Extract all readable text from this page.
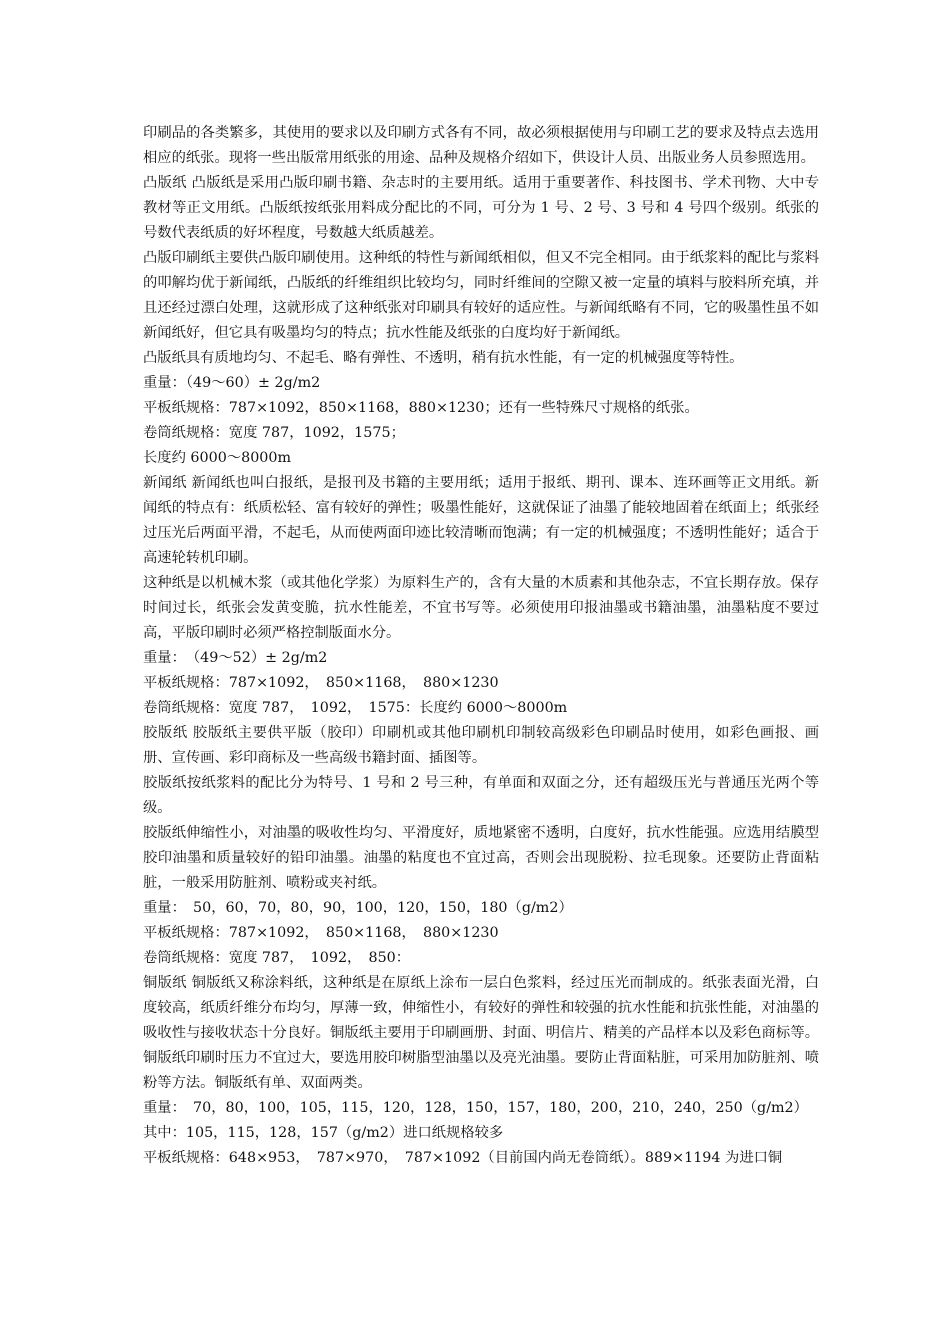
印刷品的各类繁多，其使用的要求以及印刷方式各有不同，故必须根据使用与印刷工艺的要求及特点去选用相应的纸张。现将一些出版常用纸张的用途、品种及规格介绍如下，供设计人员、出版业务人员参照选用。

凸版纸 凸版纸是采用凸版印刷书籍、杂志时的主要用纸。适用于重要著作、科技图书、学术刊物、大中专教材等正文用纸。凸版纸按纸张用料成分配比的不同，可分为 1 号、2 号、3 号和 4 号四个级别。纸张的号数代表纸质的好坏程度，号数越大纸质越差。

凸版印刷纸主要供凸版印刷使用。这种纸的特性与新闻纸相似，但又不完全相同。由于纸浆料的配比与浆料的叩解均优于新闻纸，凸版纸的纤维组织比较均匀，同时纤维间的空隙又被一定量的填料与胶料所充填，并且还经过漂白处理，这就形成了这种纸张对印刷具有较好的适应性。与新闻纸略有不同，它的吸墨性虽不如新闻纸好，但它具有吸墨均匀的特点；抗水性能及纸张的白度均好于新闻纸。

凸版纸具有质地均匀、不起毛、略有弹性、不透明，稍有抗水性能，有一定的机械强度等特性。

重量：（49～60）± 2g/m2

平板纸规格：787×1092，850×1168，880×1230；还有一些特殊尺寸规格的纸张。

卷筒纸规格：宽度 787，1092，1575；

长度约 6000～8000m

新闻纸 新闻纸也叫白报纸，是报刊及书籍的主要用纸；适用于报纸、期刊、课本、连环画等正文用纸。新闻纸的特点有：纸质松轻、富有较好的弹性；吸墨性能好，这就保证了油墨了能较地固着在纸面上；纸张经过压光后两面平滑，不起毛，从而使两面印迹比较清晰而饱满；有一定的机械强度；不透明性能好；适合于高速轮转机印刷。

这种纸是以机械木浆（或其他化学浆）为原料生产的，含有大量的木质素和其他杂志，不宜长期存放。保存时间过长，纸张会发黄变脆，抗水性能差，不宜书写等。必须使用印报油墨或书籍油墨，油墨粘度不要过高，平版印刷时必须严格控制版面水分。

重量：　（49～52）± 2g/m2

平板纸规格：787×1092，　850×1168，　880×1230

卷筒纸规格：宽度 787，　1092，　1575：长度约 6000～8000m

胶版纸 胶版纸主要供平版（胶印）印刷机或其他印刷机印制较高级彩色印刷品时使用，如彩色画报、画册、宣传画、彩印商标及一些高级书籍封面、插图等。

胶版纸按纸浆料的配比分为特号、1 号和 2 号三种，有单面和双面之分，还有超级压光与普通压光两个等级。

胶版纸伸缩性小，对油墨的吸收性均匀、平滑度好，质地紧密不透明，白度好，抗水性能强。应选用结膜型胶印油墨和质量较好的铅印油墨。油墨的粘度也不宜过高，否则会出现脱粉、拉毛现象。还要防止背面粘脏，一般采用防脏剂、喷粉或夹衬纸。

重量：　50，60，70，80，90，100，120，150，180（g/m2）

平板纸规格：787×1092，　850×1168，　880×1230

卷筒纸规格：宽度 787，　1092，　850：

铜版纸 铜版纸又称涂料纸，这种纸是在原纸上涂布一层白色浆料，经过压光而制成的。纸张表面光滑，白度较高，纸质纤维分布均匀，厚薄一致，伸缩性小，有较好的弹性和较强的抗水性能和抗张性能，对油墨的吸收性与接收状态十分良好。铜版纸主要用于印刷画册、封面、明信片、精美的产品样本以及彩色商标等。铜版纸印刷时压力不宜过大，要选用胶印树脂型油墨以及亮光油墨。要防止背面粘脏，可采用加防脏剂、喷粉等方法。铜版纸有单、双面两类。

重量：　70，80，100，105，115，120，128，150，157，180，200，210，240，250（g/m2）

其中：105，115，128，157（g/m2）进口纸规格较多

平板纸规格：648×953，　787×970，　787×1092（目前国内尚无卷筒纸）。889×1194 为进口铜
